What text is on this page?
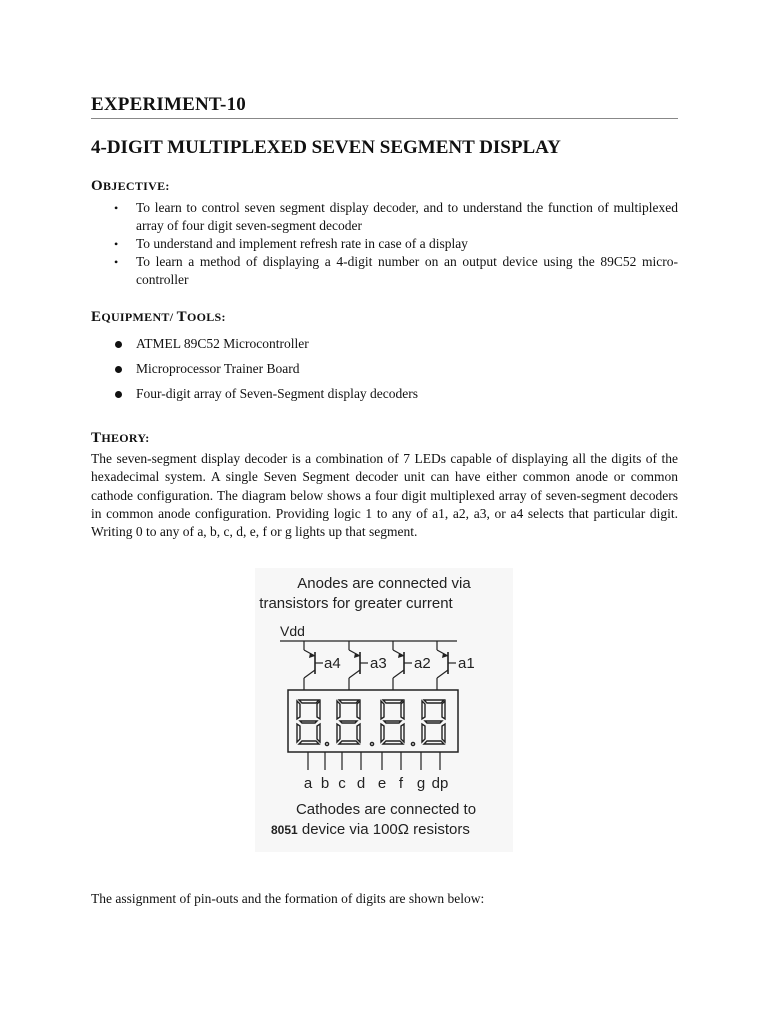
EXPERIMENT-10
4-DIGIT MULTIPLEXED SEVEN SEGMENT DISPLAY
OBJECTIVE:
• To learn to control seven segment display decoder, and to understand the function of multiplexed array of four digit seven-segment decoder
• To understand and implement refresh rate in case of a display
• To learn a method of displaying a 4-digit number on an output device using the 89C52 micro-controller
EQUIPMENT/ TOOLS:
ATMEL 89C52 Microcontroller
Microprocessor Trainer Board
Four-digit array of Seven-Segment display decoders
THEORY:

The seven-segment display decoder is a combination of 7 LEDs capable of displaying all the digits of the hexadecimal system. A single Seven Segment decoder unit can have either common anode or common cathode configuration. The diagram below shows a four digit multiplexed array of seven-segment decoders in common anode configuration. Providing logic 1 to any of a1, a2, a3, or a4 selects that particular digit. Writing 0 to any of a, b, c, d, e, f or g lights up that segment.

Anodes are connected via
transistors for greater current
Vdd
a4 a3 a2 a1
a b c d e f g dp
Cathodes are connected to
8051 device via 100Ω resistors

The assignment of pin-outs and the formation of digits are shown below:
